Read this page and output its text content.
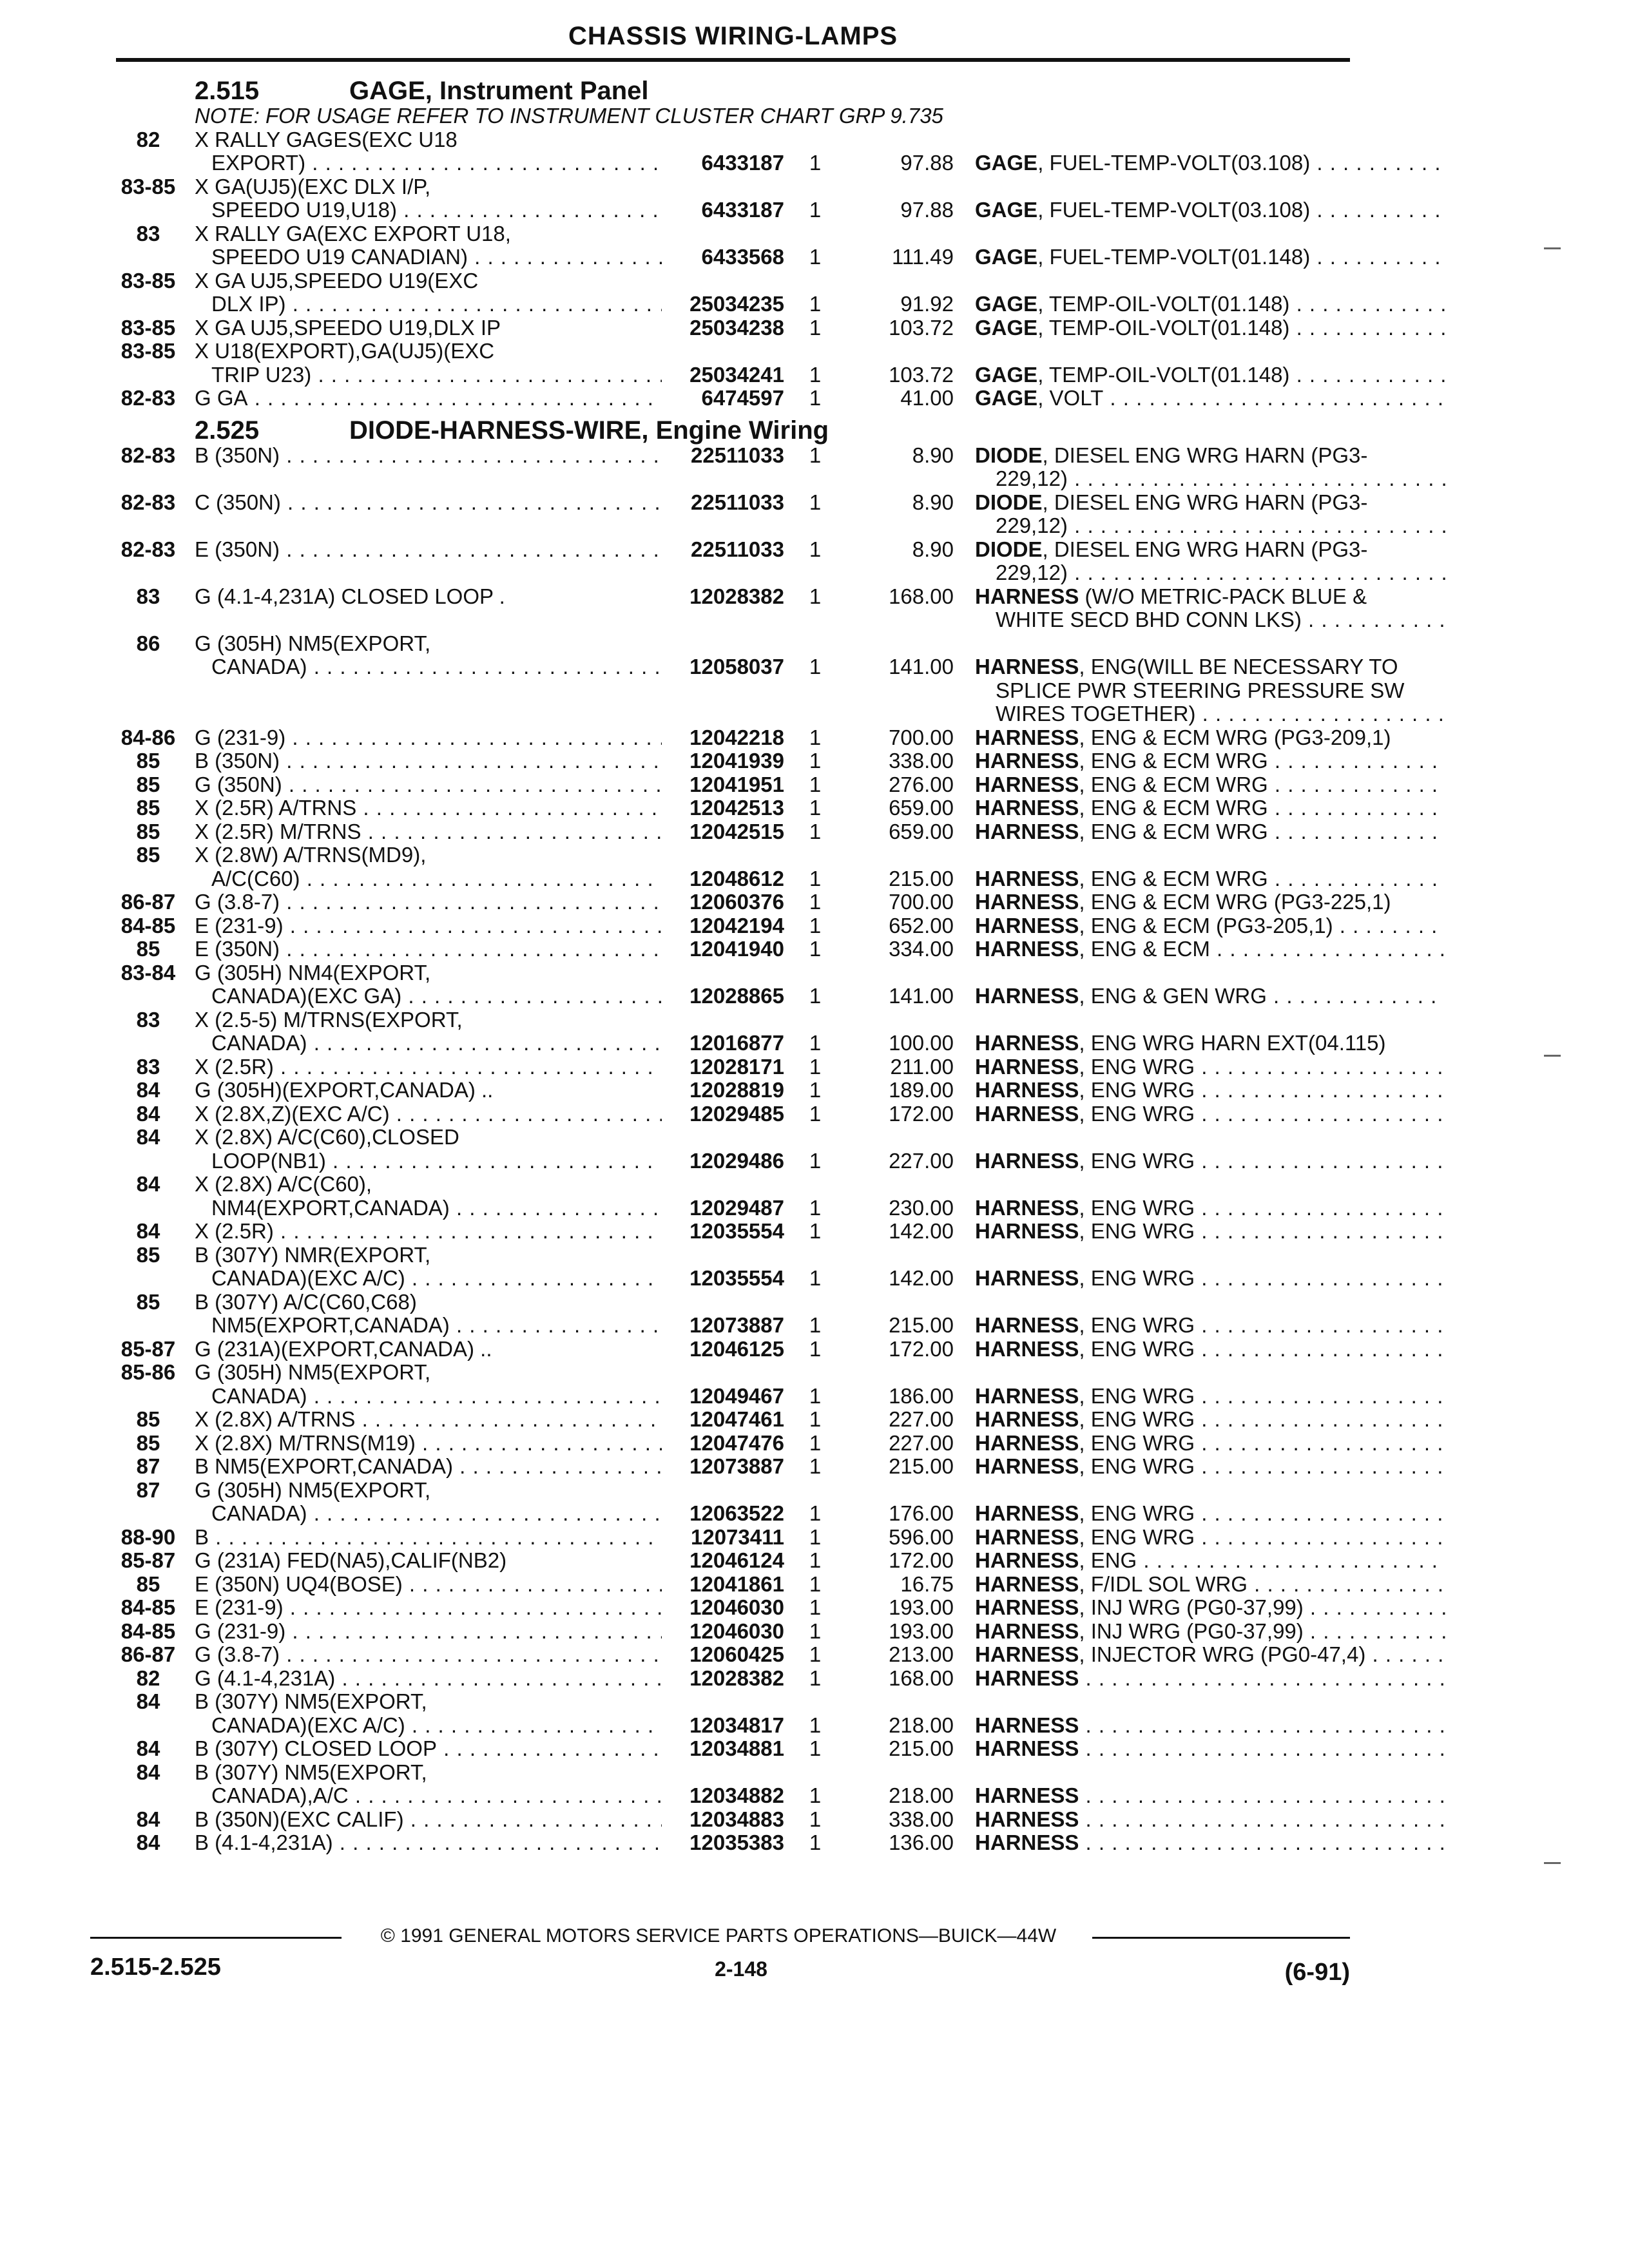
CHASSIS WIRING-LAMPS
2.515	GAGE, Instrument Panel
NOTE: FOR USAGE REFER TO INSTRUMENT CLUSTER CHART GRP 9.735
82	X RALLY GAGES(EXC U18
EXPORT) . . .	6433187	1	97.88 GAGE, FUEL-TEMP-VOLT(03.108) . . .
83-85 X GA(UJ5)(EXC DLX I/P,
SPEEDO U19,U18) . . .	6433187	1	97.88 GAGE, FUEL-TEMP-VOLT(03.108) . . .
83	X RALLY GA(EXC EXPORT U18,
SPEEDO U19 CANADIAN) . . .	6433568	1	111.49 GAGE, FUEL-TEMP-VOLT(01.148) . . .
83-85 X GA UJ5,SPEEDO U19(EXC
DLX IP) . . .	25034235	1	91.92 GAGE, TEMP-OIL-VOLT(01.148) . . .
83-85 X GA UJ5,SPEEDO U19,DLX IP	25034238	1	103.72 GAGE, TEMP-OIL-VOLT(01.148) . . .
83-85 X U18(EXPORT),GA(UJ5)(EXC
TRIP U23) . . .	25034241	1	103.72 GAGE, TEMP-OIL-VOLT(01.148) . . .
82-83 G GA . . .	6474597	1	41.00 GAGE, VOLT . . .
2.525	DIODE-HARNESS-WIRE, Engine Wiring
82-83 B (350N) . . .	22511033	1	8.90 DIODE, DIESEL ENG WRG HARN (PG3-
229,12) . . .
82-83 C (350N) . . .	22511033	1	8.90 DIODE, DIESEL ENG WRG HARN (PG3-
229,12) . . .
82-83 E (350N) . . .	22511033	1	8.90 DIODE, DIESEL ENG WRG HARN (PG3-
229,12) . . .
83	G (4.1-4,231A) CLOSED LOOP .	12028382	1	168.00 HARNESS (W/O METRIC-PACK BLUE &
WHITE SECD BHD CONN LKS) . . .
86	G (305H) NM5(EXPORT,
CANADA) . . .	12058037	1	141.00 HARNESS, ENG(WILL BE NECESSARY TO
SPLICE PWR STEERING PRESSURE SW
WIRES TOGETHER) . . .
84-86 G (231-9) . . .	12042218	1	700.00 HARNESS, ENG & ECM WRG (PG3-209,1)
85	B (350N) . . .	12041939	1	338.00 HARNESS, ENG & ECM WRG . . .
85	G (350N) . . .	12041951	1	276.00 HARNESS, ENG & ECM WRG . . .
85	X (2.5R) A/TRNS . . .	12042513	1	659.00 HARNESS, ENG & ECM WRG . . .
85	X (2.5R) M/TRNS . . .	12042515	1	659.00 HARNESS, ENG & ECM WRG . . .
85	X (2.8W) A/TRNS(MD9),
A/C(C60) . . .	12048612	1	215.00 HARNESS, ENG & ECM WRG . . .
86-87 G (3.8-7) . . .	12060376	1	700.00 HARNESS, ENG & ECM WRG (PG3-225,1)
84-85 E (231-9) . . .	12042194	1	652.00 HARNESS, ENG & ECM (PG3-205,1) . . .
85	E (350N) . . .	12041940	1	334.00 HARNESS, ENG & ECM . . .
83-84 G (305H) NM4(EXPORT,
CANADA)(EXC GA) . . .	12028865	1	141.00 HARNESS, ENG & GEN WRG . . .
83	X (2.5-5) M/TRNS(EXPORT,
CANADA) . . .	12016877	1	100.00 HARNESS, ENG WRG HARN EXT(04.115)
83	X (2.5R) . . .	12028171	1	211.00 HARNESS, ENG WRG . . .
84	G (305H)(EXPORT,CANADA) ..	12028819	1	189.00 HARNESS, ENG WRG . . .
84	X (2.8X,Z)(EXC A/C) . . .	12029485	1	172.00 HARNESS, ENG WRG . . .
84	X (2.8X) A/C(C60),CLOSED
LOOP(NB1) . . .	12029486	1	227.00 HARNESS, ENG WRG . . .
84	X (2.8X) A/C(C60),
NM4(EXPORT,CANADA) . . .	12029487	1	230.00 HARNESS, ENG WRG . . .
84	X (2.5R) . . .	12035554	1	142.00 HARNESS, ENG WRG . . .
85	B (307Y) NMR(EXPORT,
CANADA)(EXC A/C) . . .	12035554	1	142.00 HARNESS, ENG WRG . . .
85	B (307Y) A/C(C60,C68)
NM5(EXPORT,CANADA) . . .	12073887	1	215.00 HARNESS, ENG WRG . . .
85-87 G (231A)(EXPORT,CANADA) ..	12046125	1	172.00 HARNESS, ENG WRG . . .
85-86 G (305H) NM5(EXPORT,
CANADA) . . .	12049467	1	186.00 HARNESS, ENG WRG . . .
85	X (2.8X) A/TRNS . . .	12047461	1	227.00 HARNESS, ENG WRG . . .
85	X (2.8X) M/TRNS(M19) . . .	12047476	1	227.00 HARNESS, ENG WRG . . .
87	B NM5(EXPORT,CANADA) . . .	12073887	1	215.00 HARNESS, ENG WRG . . .
87	G (305H) NM5(EXPORT,
CANADA) . . .	12063522	1	176.00 HARNESS, ENG WRG . . .
88-90 B . . .	12073411	1	596.00 HARNESS, ENG WRG . . .
85-87 G (231A) FED(NA5),CALIF(NB2)	12046124	1	172.00 HARNESS, ENG . . .
85	E (350N) UQ4(BOSE) . . .	12041861	1	16.75 HARNESS, F/IDL SOL WRG . . .
84-85 E (231-9) . . .	12046030	1	193.00 HARNESS, INJ WRG (PG0-37,99) . . .
84-85 G (231-9) . . .	12046030	1	193.00 HARNESS, INJ WRG (PG0-37,99) . . .
86-87 G (3.8-7) . . .	12060425	1	213.00 HARNESS, INJECTOR WRG (PG0-47,4) . . .
82	G (4.1-4,231A) . . .	12028382	1	168.00 HARNESS . . .
84	B (307Y) NM5(EXPORT,
CANADA)(EXC A/C) . . .	12034817	1	218.00 HARNESS . . .
84	B (307Y) CLOSED LOOP . . .	12034881	1	215.00 HARNESS . . .
84	B (307Y) NM5(EXPORT,
CANADA),A/C . . .	12034882	1	218.00 HARNESS . . .
84	B (350N)(EXC CALIF) . . .	12034883	1	338.00 HARNESS . . .
84	B (4.1-4,231A) . . .	12035383	1	136.00 HARNESS . . .
© 1991 GENERAL MOTORS SERVICE PARTS OPERATIONS—BUICK—44W
2.515-2.525	2-148	(6-91)
